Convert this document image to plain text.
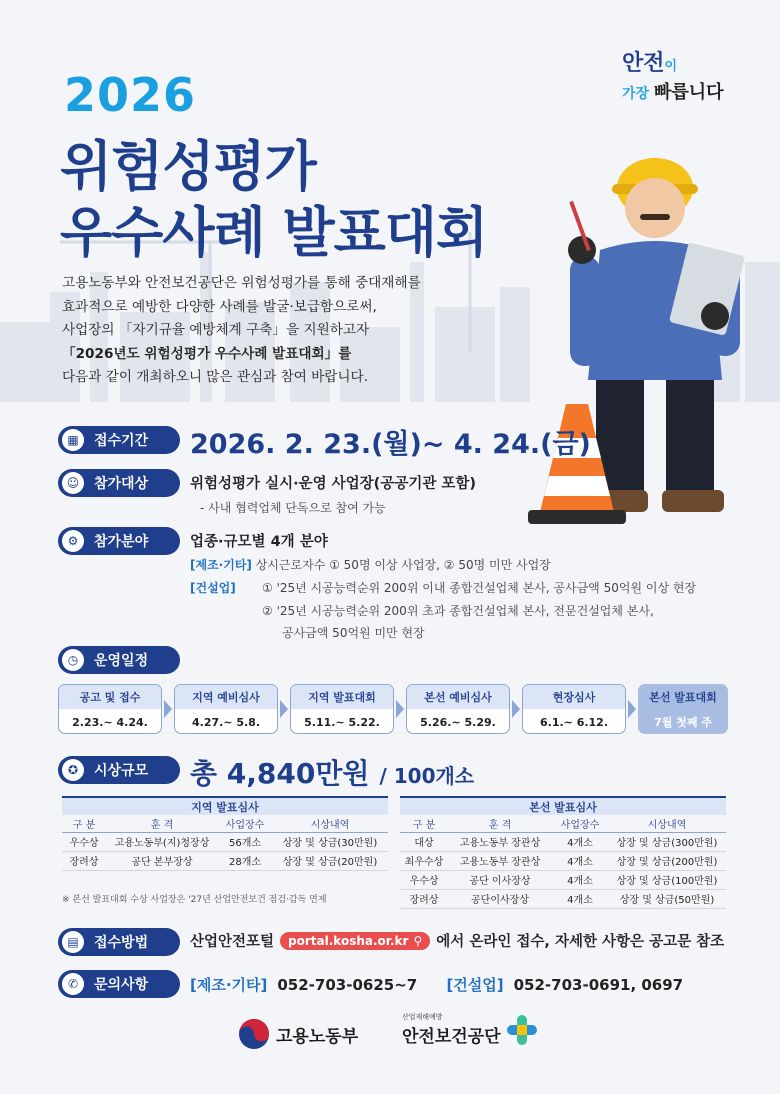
2026
위험성평가
우수사례 발표대회
안전이
가장 빠릅니다

고용노동부와 안전보건공단은 위험성평가를 통해 중대재해를

효과적으로 예방한 다양한 사례를 발굴·보급함으로써,

사업장의 「자기규율 예방체계 구축」을 지원하고자

「2026년도 위험성평가 우수사례 발표대회」를

다음과 같이 개최하오니 많은 관심과 참여 바랍니다.

▦	접수기간 2026. 2. 23.(월)~ 4. 24.(금)
☺	참가대상	위험성평가 실시·운영 사업장(공공기관 포함)
- 사내 협력업체 단독으로 참여 가능
⚙	참가분야	업종·규모별 4개 분야
[제조·기타] 상시근로자수 ① 50명 이상 사업장, ② 50명 미만 사업장
[건설업] ① '25년 시공능력순위 200위 이내 종합건설업체 본사, 공사금액 50억원 이상 현장
② '25년 시공능력순위 200위 초과 종합건설업체 본사, 전문건설업체 본사,
공사금액 50억원 미만 현장
◷	운영일정
공고 및 접수
2.23.~ 4.24.
지역 예비심사
4.27.~ 5.8.
지역 발표대회
5.11.~ 5.22.
본선 예비심사
5.26.~ 5.29.
현장심사
6.1.~ 6.12.
본선 발표대회
7월 첫째 주
✪	시상규모 총 4,840만원 / 100개소
지역 발표심사			
구 분	훈 격	사업장수	시상내역
우수상	고용노동부(지)청장상	56개소	상장 및 상금(30만원)
장려상	공단 본부장상	28개소	상장 및 상금(20만원)
※ 본선 발표대회 수상 사업장은 '27년 산업안전보건 점검·감독 면제
본선 발표심사			
구 분	훈 격	사업장수	시상내역
대상	고용노동부 장관상	4개소	상장 및 상금(300만원)
최우수상	고용노동부 장관상	4개소	상장 및 상금(200만원)
우수상	공단 이사장상	4개소	상장 및 상금(100만원)
장려상	공단이사장상	4개소	상장 및 상금(50만원)
▤	접수방법	산업안전포털	portal.kosha.or.kr ⚲ 에서 온라인 접수, 자세한 사항은 공고문 참조
✆	문의사항	[제조·기타] 052-703-0625~7 [건설업] 052-703-0691, 0697
고용노동부
산업재해예방
안전보건공단
